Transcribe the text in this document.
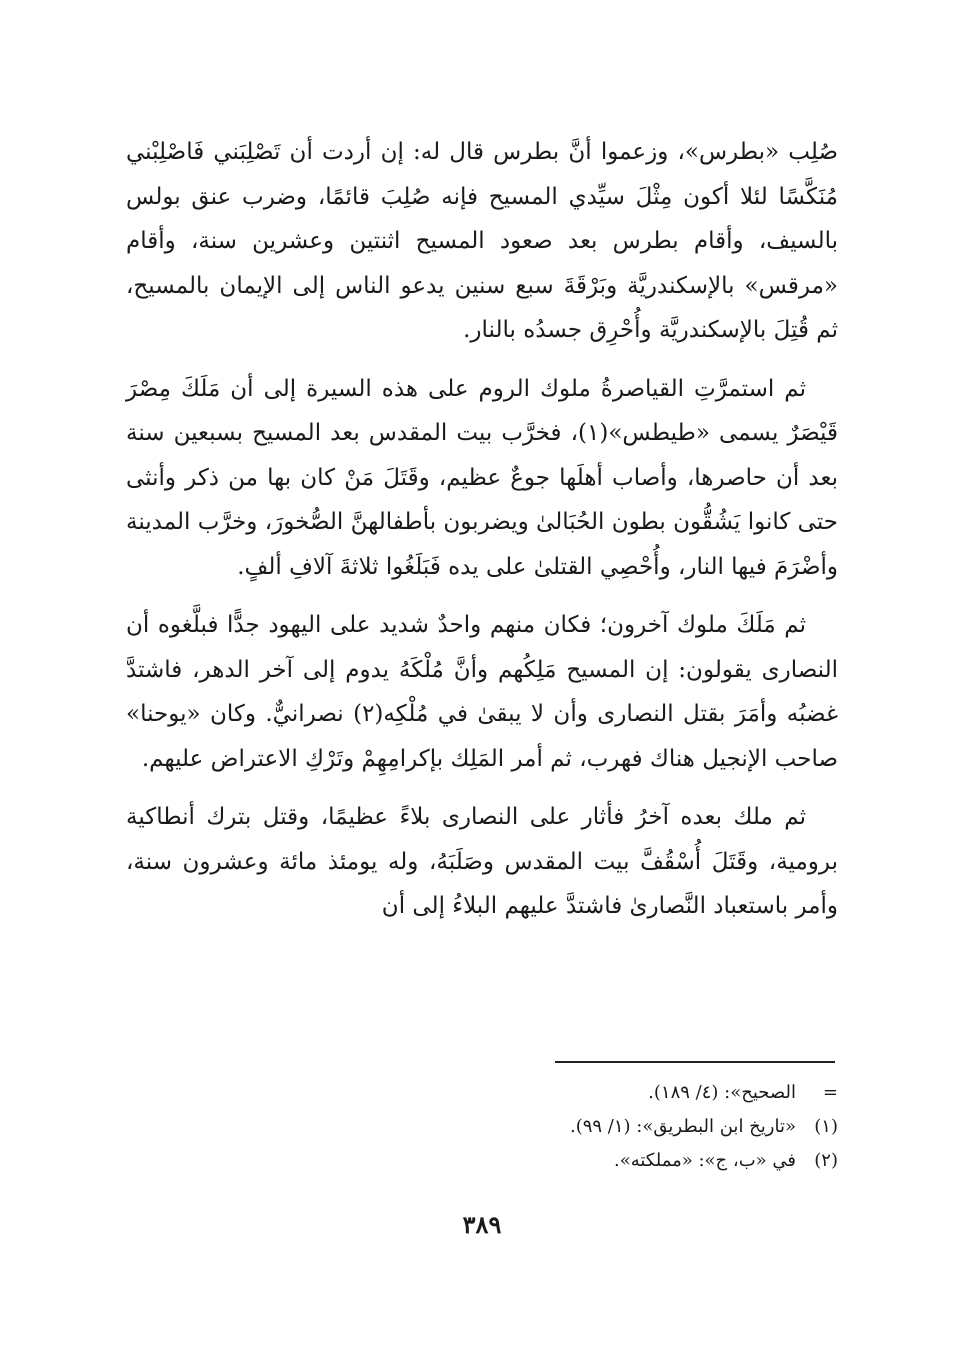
صُلِب «بطرس»، وزعموا أنَّ بطرس قال له: إن أردت أن تَصْلِبَني فَاصْلِبْني مُنَكَّسًا لئلا أكون مِثْلَ سيِّدي المسيح فإنه صُلِبَ قائمًا، وضرب عنق بولس بالسيف، وأقام بطرس بعد صعود المسيح اثنتين وعشرين سنة، وأقام «مرقس» بالإسكندريَّة وبَرْقَةَ سبع سنين يدعو الناس إلى الإيمان بالمسيح، ثم قُتِلَ بالإسكندريَّة وأُحْرِق جسدُه بالنار.

ثم استمرَّتِ القياصرةُ ملوك الروم على هذه السيرة إلى أن مَلَكَ مِصْرَ قَيْصَرٌ يسمى «طيطس»(١)، فخرَّب بيت المقدس بعد المسيح بسبعين سنة بعد أن حاصرها، وأصاب أهلَها جوعٌ عظيم، وقَتَلَ مَنْ كان بها من ذكر وأنثى حتى كانوا يَشُقُّون بطون الحُبَالىٰ ويضربون بأطفالهنَّ الصُّخورَ، وخرَّب المدينة وأضْرَمَ فيها النار، وأُحْصِي القتلىٰ على يده فَبَلَغُوا ثلاثةَ آلافِ ألفٍ.

ثم مَلَكَ ملوك آخرون؛ فكان منهم واحدٌ شديد على اليهود جدًّا فبلَّغوه أن النصارى يقولون: إن المسيح مَلِكُهم وأنَّ مُلْكَهُ يدوم إلى آخر الدهر، فاشتدَّ غضبُه وأمَرَ بقتل النصارى وأن لا يبقىٰ في مُلْكِه(٢) نصرانيٌّ. وكان «يوحنا» صاحب الإنجيل هناك فهرب، ثم أمر المَلِك بإكرامِهِمْ وتَرْكِ الاعتراض عليهم.

ثم ملك بعده آخرُ فأثار على النصارى بلاءً عظيمًا، وقتل بترك أنطاكية برومية، وقَتَلَ أُسْقُفَّ بيت المقدس وصَلَبَهُ، وله يومئذ مائة وعشرون سنة، وأمر باستعباد النَّصارىٰ فاشتدَّ عليهم البلاءُ إلى أن

=
الصحيح»: (٤/ ١٨٩).
(١)
«تاريخ ابن البطريق»: (١/ ٩٩).
(٢)
في «ب، ج»: «مملكته».
٣٨٩
